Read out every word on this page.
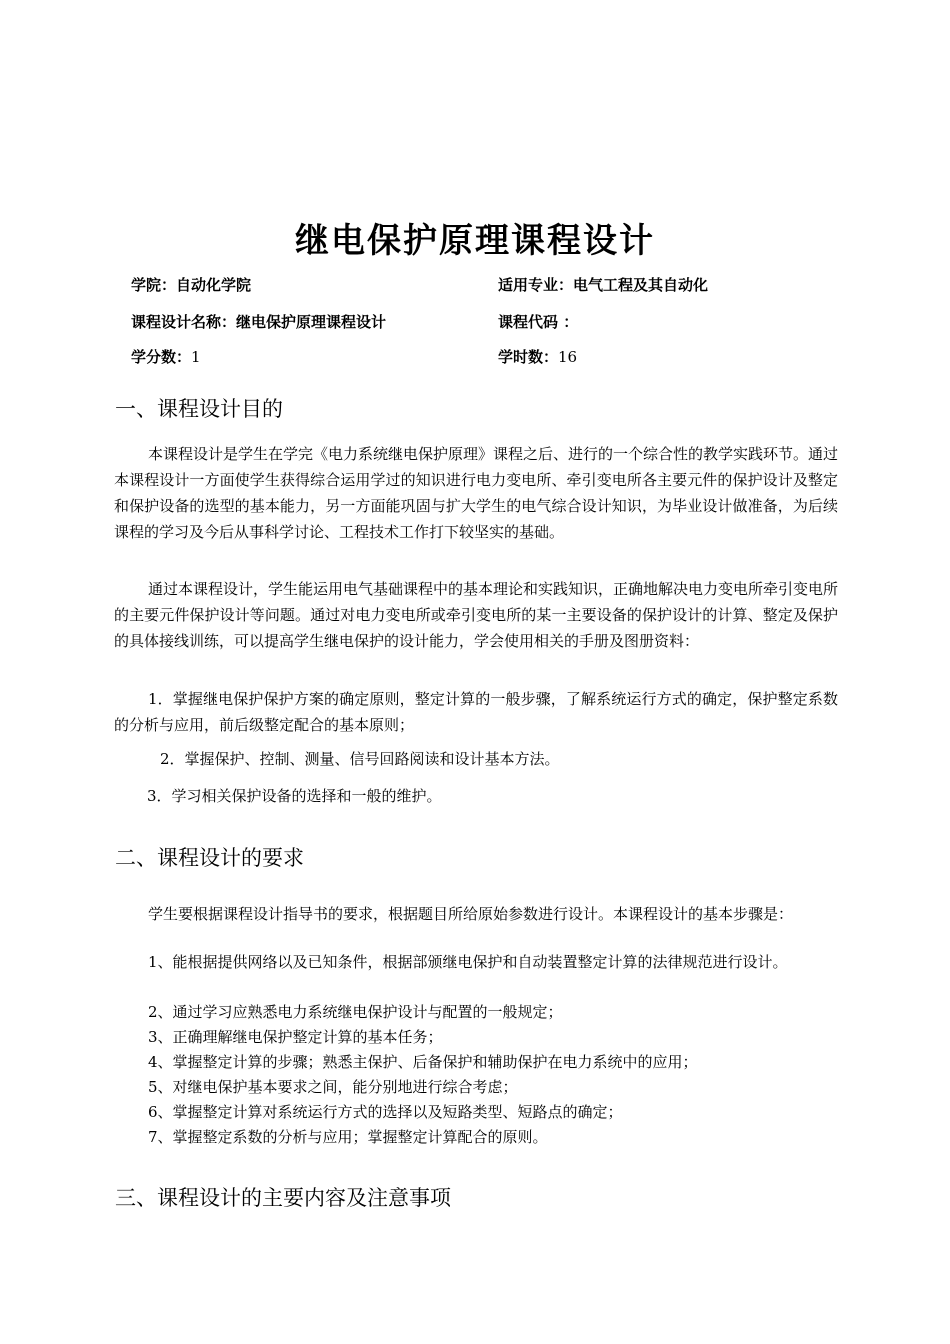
继电保护原理课程设计
学院：自动化学院	适用专业：电气工程及其自动化
课程设计名称：继电保护原理课程设计	课程代码 ：
学分数：1	学时数：16
一、课程设计目的
本课程设计是学生在学完《电力系统继电保护原理》课程之后、进行的一个综合性的教学实践环节。通过本课程设计一方面使学生获得综合运用学过的知识进行电力变电所、牵引变电所各主要元件的保护设计及整定和保护设备的选型的基本能力，另一方面能巩固与扩大学生的电气综合设计知识，为毕业设计做准备，为后续课程的学习及今后从事科学讨论、工程技术工作打下较坚实的基础。
通过本课程设计，学生能运用电气基础课程中的基本理论和实践知识，正确地解决电力变电所牵引变电所的主要元件保护设计等问题。通过对电力变电所或牵引变电所的某一主要设备的保护设计的计算、整定及保护的具体接线训练，可以提高学生继电保护的设计能力，学会使用相关的手册及图册资料：
1．掌握继电保护保护方案的确定原则，整定计算的一般步骤，了解系统运行方式的确定，保护整定系数的分析与应用，前后级整定配合的基本原则；
2．掌握保护、控制、测量、信号回路阅读和设计基本方法。
3．学习相关保护设备的选择和一般的维护。
二、课程设计的要求
学生要根据课程设计指导书的要求，根据题目所给原始参数进行设计。本课程设计的基本步骤是：
1、能根据提供网络以及已知条件，根据部颁继电保护和自动装置整定计算的法律规范进行设计。
2、通过学习应熟悉电力系统继电保护设计与配置的一般规定；
3、正确理解继电保护整定计算的基本任务；
4、掌握整定计算的步骤；熟悉主保护、后备保护和辅助保护在电力系统中的应用；
5、对继电保护基本要求之间，能分别地进行综合考虑；
6、掌握整定计算对系统运行方式的选择以及短路类型、短路点的确定；
7、掌握整定系数的分析与应用；掌握整定计算配合的原则。
三、课程设计的主要内容及注意事项
